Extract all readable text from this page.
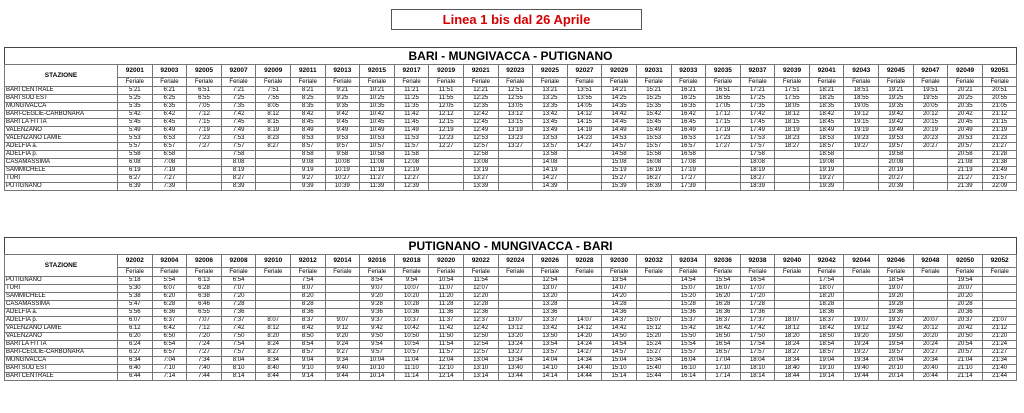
Linea 1 bis dal 26 Aprile
BARI - MUNGIVACCA - PUTIGNANO
STAZIONE	92001	92003	92005	92007	92009	92011	92013	92015	92017	92019	92021	92023	92025	92027	92029	92031	92033	92035	92037	92039	92041	92043	92045	92047	92049	92051
	Feriale	Feriale	Feriale	Feriale	Feriale	Feriale	Feriale	Feriale	Feriale	Feriale	Feriale	Feriale	Feriale	Feriale	Feriale	Feriale	Feriale	Feriale	Feriale	Feriale	Feriale	Feriale	Feriale	Feriale	Feriale	Feriale
BARI CENTRALE	5:21	6:21	6:51	7:21	7:51	8:21	9:21	10:21	11:21	11:51	12:21	12:51	13:21	13:51	14:21	15:21	16:21	16:51	17:21	17:51	18:21	18:51	19:21	19:51	20:21	20:51
BARI SUD EST	5:25	6:25	6:55	7:25	7:55	8:25	9:25	10:25	11:25	11:55	12:25	12:55	13:25	13:55	14:25	15:25	16:25	16:55	17:25	17:55	18:25	18:55	19:25	19:55	20:25	20:55
MUNGIVACCA	5:35	6:35	7:05	7:35	8:05	8:35	9:35	10:35	11:35	12:05	12:35	13:05	13:35	14:05	14:35	15:35	16:35	17:05	17:35	18:05	18:35	19:05	19:35	20:05	20:35	21:05
BARI-CEGLIE-CARBONARA	5:42	6:42	7:12	7:42	8:12	8:42	9:42	10:42	11:42	12:12	12:42	13:12	13:42	14:12	14:42	15:42	16:42	17:12	17:42	18:12	18:42	19:12	19:42	20:12	20:42	21:12
BARI LA FITTA	5:45	6:45	7:15	7:45	8:15	8:45	9:45	10:45	11:45	12:15	12:45	13:15	13:45	14:15	14:45	15:45	16:45	17:15	17:45	18:15	18:45	19:15	19:42	20:15	20:45	21:15
VALENZANO	5:49	6:49	7:19	7:49	8:19	8:49	9:49	10:49	11:49	12:19	12:49	13:19	13:49	14:19	14:49	15:49	16:49	17:19	17:49	18:19	18:49	19:19	19:49	20:19	20:49	21:19
VALENZANO LAMIE	5:53	6:53	7:23	7:53	8:23	8:53	9:53	10:53	11:53	12:23	12:53	13:23	13:53	14:23	14:53	15:53	16:53	17:23	17:53	18:23	18:53	19:23	19:53	20:23	20:53	21:23
ADELFIA a.	5:57	6:57	7:27	7:57	8:27	8:57	9:57	10:57	11:57	12:27	12:57	13:27	13:57	14:27	14:57	15:57	16:57	17:27	17:57	18:27	18:57	19:27	19:57	20:27	20:57	21:27
ADELFIA p.	5:58	6:58		7:58		8:58	9:58	10:58	11:58		12:58		13:58		14:58	15:58	16:58		17:58		18:58		19:58		20:58	21:28
CASAMASSIMA	6:08	7:08		8:08		9:08	10:08	11:08	12:08		13:08		14:08		15:08	16:08	17:08		18:08		19:08		20:08		21:08	21:38
SAMMICHELE	6:19	7:19		8:19		9:19	10:19	11:19	12:19		13:19		14:19		15:19	16:19	17:19		18:19		19:19		20:19		21:19	21:49
TURI	6:27	7:27		8:27		9:27	10:27	11:27	12:27		13:27		14:27		15:27	16:27	17:27		18:27		19:27		20:27		21:27	21:57
PUTIGNANO	6:39	7:39		8:39		9:39	10:39	11:39	12:39		13:39		14:39		15:39	16:39	17:39		18:39		19:39		20:39		21:39	22:09
PUTIGNANO - MUNGIVACCA - BARI
STAZIONE	92002	92004	92006	92008	92010	92012	92014	92016	92018	92020	92022	92024	92026	92028	92030	92032	92034	92036	92038	92040	92042	92044	92046	92048	92050	92052
	Feriale	Feriale	Feriale	Feriale	Feriale	Feriale	Feriale	Feriale	Feriale	Feriale	Feriale	Feriale	Feriale	Feriale	Feriale	Feriale	Feriale	Feriale	Feriale	Feriale	Feriale	Feriale	Feriale	Feriale	Feriale	Feriale
PUTIGNANO	5:18	5:54	6:13	6:54		7:54		8:54	9:54	10:54	11:54		12:54		13:54		14:54	15:54	16:54		17:54		18:54		19:54	
TURI	5:30	6:07	6:28	7:07		8:07		9:07	10:07	11:07	12:07		13:07		14:07		15:07	16:07	17:07		18:07		19:07		20:07	
SAMMICHELE	5:38	6:20	6:38	7:20		8:20		9:20	10:20	11:20	12:20		13:20		14:20		15:20	16:20	17:20		18:20		19:20		20:20	
CASAMASSIMA	5:47	6:28	6:46	7:28		8:28		9:28	10:28	11:28	12:28		13:28		14:28		15:28	16:28	17:28		18:28		19:28		20:28	
ADELFIA a.	5:56	6:36	6:55	7:36		8:36		9:36	10:36	11:36	12:36		13:36		14:36		15:36	16:36	17:36		18:36		19:36		20:36	
ADELFIA p.	6:07	6:37	7:07	7:37	8:07	8:37	9:07	9:37	10:37	11:37	12:37	13:07	13:37	14:07	14:37	15:07	15:37	16:37	17:37	18:07	18:37	19:07	19:37	20:07	20:37	21:07
VALENZANO LAMIE	6:12	6:42	7:12	7:42	8:12	8:42	9:12	9:42	10:42	11:42	12:42	13:12	13:42	14:12	14:42	15:12	15:42	16:42	17:42	18:12	18:42	19:12	19:42	20:12	20:42	21:12
VALENZANO	6:20	6:50	7:20	7:50	8:20	8:50	9:20	9:50	10:50	11:50	12:50	13:20	13:50	14:20	14:50	15:20	15:50	16:50	17:50	18:20	18:50	19:20	19:50	20:20	20:50	21:20
BARI LA FITTA	6:24	6:54	7:24	7:54	8:24	8:54	9:24	9:54	10:54	11:54	12:54	13:24	13:54	14:24	14:54	15:24	15:54	16:54	17:54	18:24	18:54	19:24	19:54	20:24	20:54	21:24
BARI-CEGLIE-CARBONARA	6:27	6:57	7:27	7:57	8:27	8:57	9:27	9:57	10:57	11:57	12:57	13:27	13:57	14:27	14:57	15:27	15:57	16:57	17:57	18:27	18:57	19:27	19:57	20:27	20:57	21:27
MUNGIVACCA	6:34	7:04	7:34	8:04	8:34	9:04	9:34	10:04	11:04	12:04	13:04	13:34	14:04	14:34	15:04	15:34	16:04	17:04	18:04	18:34	19:04	19:34	20:04	20:34	21:04	21:34
BARI SUD EST	6:40	7:10	7:40	8:10	8:40	9:10	9:40	10:10	11:10	12:10	13:10	13:40	14:10	14:40	15:10	15:40	16:10	17:10	18:10	18:40	19:10	19:40	20:10	20:40	21:10	21:40
BARI CENTRALE	6:44	7:14	7:44	8:14	8:44	9:14	9:44	10:14	11:14	12:14	13:14	13:44	14:14	14:44	15:14	15:44	16:14	17:14	18:14	18:44	19:14	19:44	20:14	20:44	21:14	21:44
